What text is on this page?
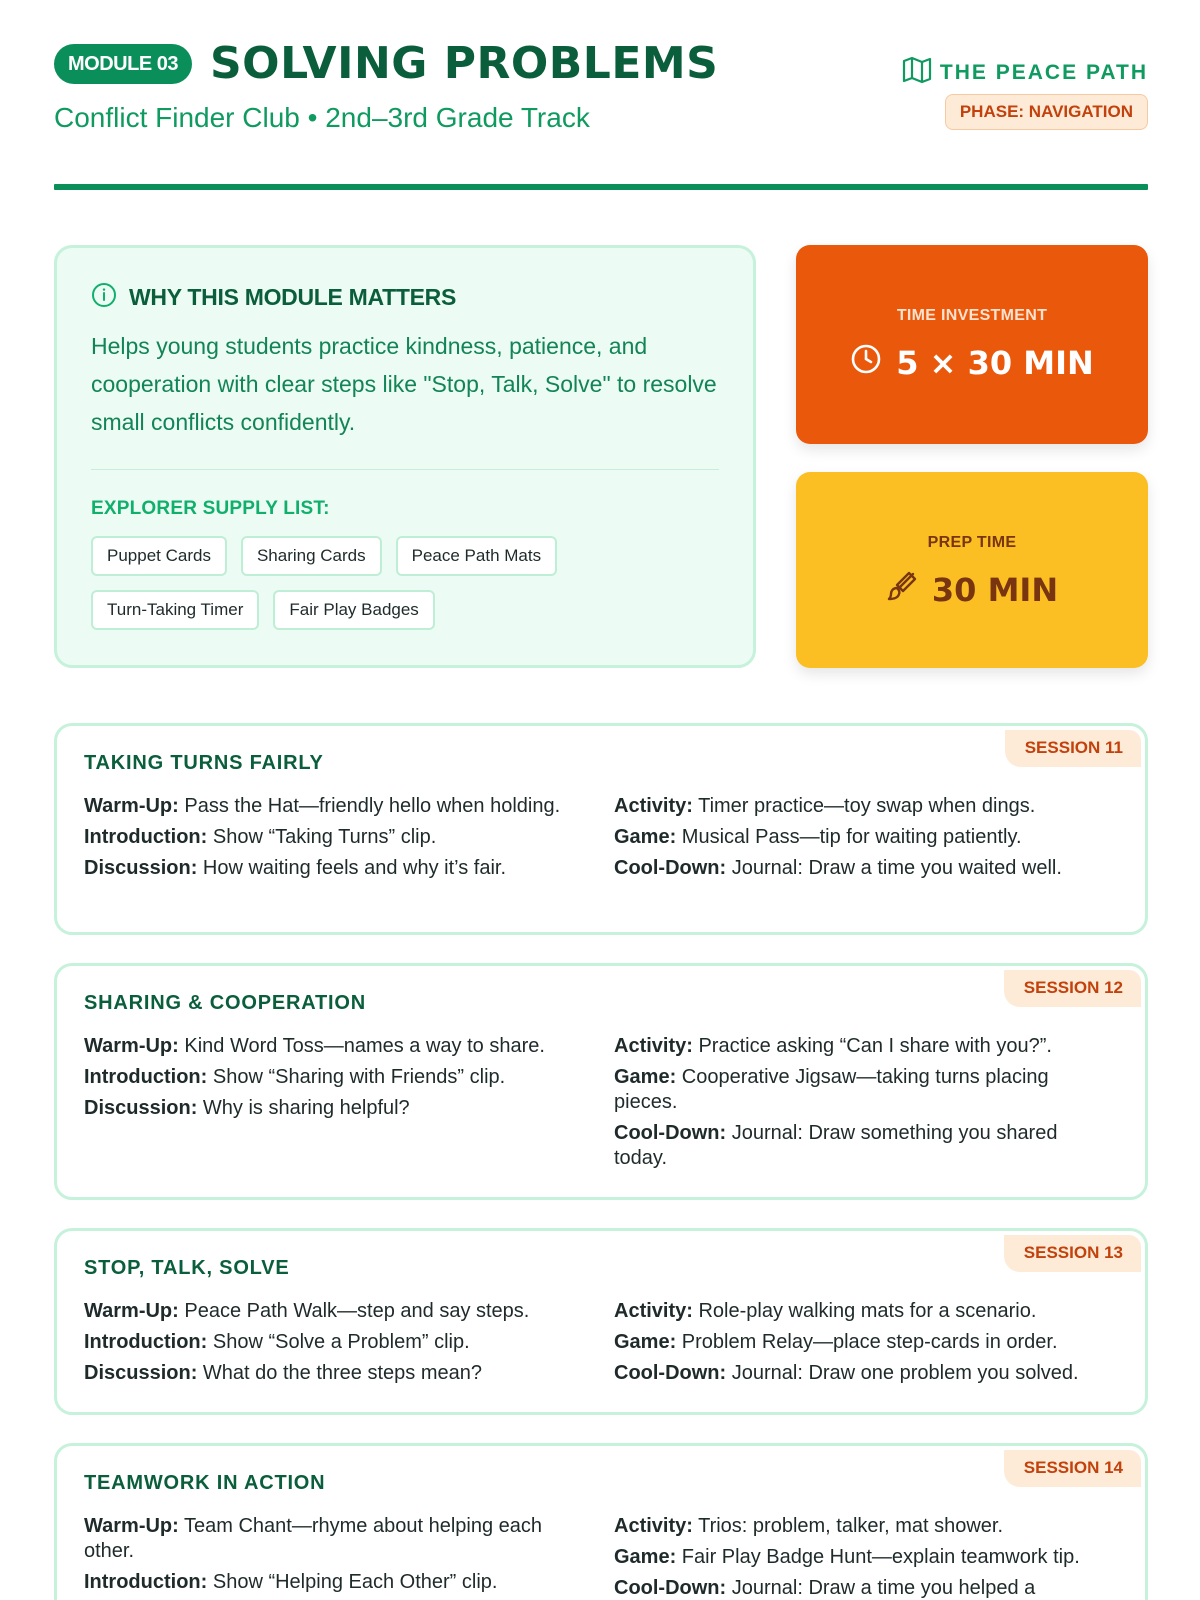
MODULE 03 SOLVING PROBLEMS
Conflict Finder Club • 2nd–3rd Grade Track
THE PEACE PATH
PHASE: NAVIGATION
WHY THIS MODULE MATTERS

Helps young students practice kindness, patience, and cooperation with clear steps like "Stop, Talk, Solve" to resolve small conflicts confidently.

EXPLORER SUPPLY LIST:
Puppet Cards	Sharing Cards	Peace Path Mats
Turn-Taking Timer	Fair Play Badges
TIME INVESTMENT
5 × 30 MIN
PREP TIME
30 MIN
SESSION 11
TAKING TURNS FAIRLY
Warm-Up: Pass the Hat—friendly hello when holding.
Introduction: Show “Taking Turns” clip.
Discussion: How waiting feels and why it’s fair.
Activity: Timer practice—toy swap when dings.
Game: Musical Pass—tip for waiting patiently.
Cool-Down: Journal: Draw a time you waited well.
SESSION 12
SHARING & COOPERATION
Warm-Up: Kind Word Toss—names a way to share.
Introduction: Show “Sharing with Friends” clip.
Discussion: Why is sharing helpful?
Activity: Practice asking “Can I share with you?”.
Game: Cooperative Jigsaw—taking turns placing pieces.
Cool-Down: Journal: Draw something you shared today.
SESSION 13
STOP, TALK, SOLVE
Warm-Up: Peace Path Walk—step and say steps.
Introduction: Show “Solve a Problem” clip.
Discussion: What do the three steps mean?
Activity: Role-play walking mats for a scenario.
Game: Problem Relay—place step-cards in order.
Cool-Down: Journal: Draw one problem you solved.
SESSION 14
TEAMWORK IN ACTION
Warm-Up: Team Chant—rhyme about helping each other.
Introduction: Show “Helping Each Other” clip.
Activity: Trios: problem, talker, mat shower.
Game: Fair Play Badge Hunt—explain teamwork tip.
Cool-Down: Journal: Draw a time you helped a
